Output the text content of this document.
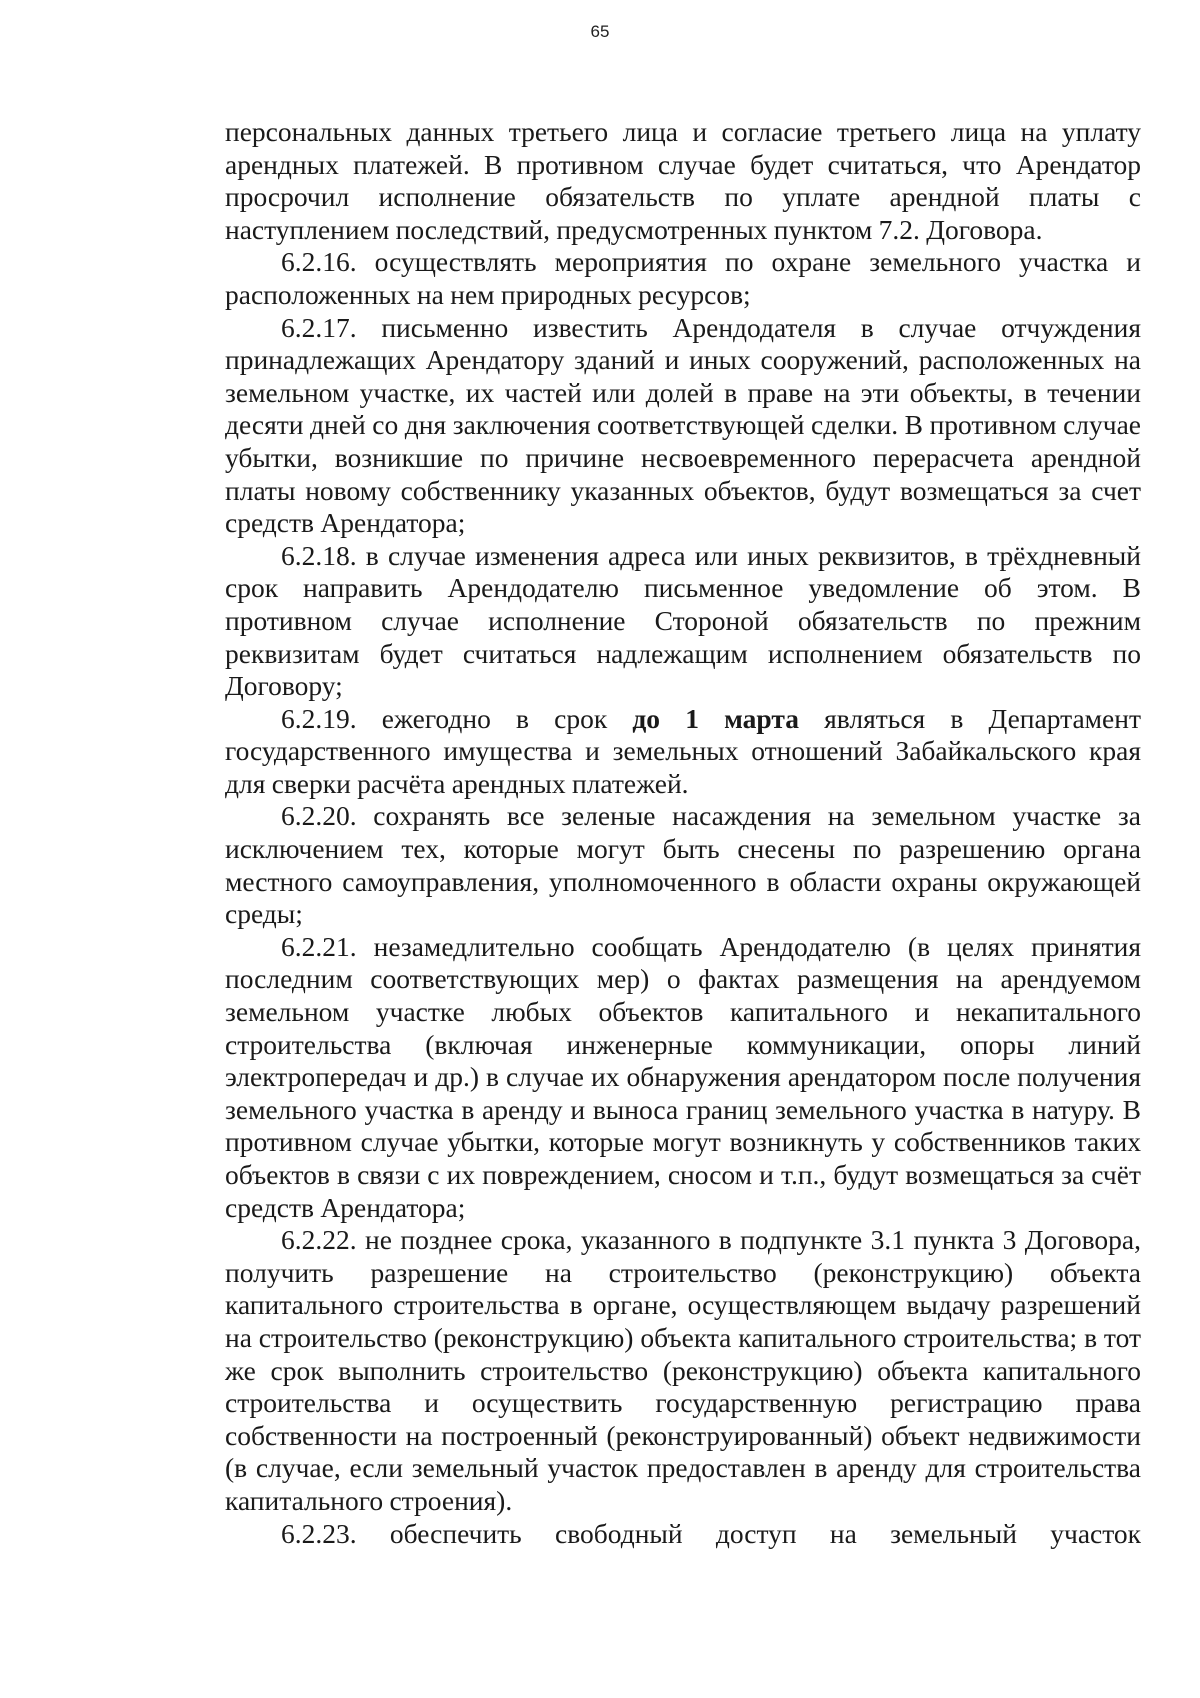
65

персональных данных третьего лица и согласие третьего лица на уплату арендных платежей. В противном случае будет считаться, что Арендатор просрочил исполнение обязательств по уплате арендной платы с наступлением последствий, предусмотренных пунктом 7.2. Договора.

6.2.16. осуществлять мероприятия по охране земельного участка и расположенных на нем природных ресурсов;

6.2.17. письменно известить Арендодателя в случае отчуждения принадлежащих Арендатору зданий и иных сооружений, расположенных на земельном участке, их частей или долей в праве на эти объекты, в течении десяти дней со дня заключения соответствующей сделки. В противном случае убытки, возникшие по причине несвоевременного перерасчета арендной платы новому собственнику указанных объектов, будут возмещаться за счет средств Арендатора;

6.2.18. в случае изменения адреса или иных реквизитов, в трёхдневный срок направить Арендодателю письменное уведомление об этом. В противном случае исполнение Стороной обязательств по прежним реквизитам будет считаться надлежащим исполнением обязательств по Договору;

6.2.19. ежегодно в срок до 1 марта являться в Департамент государственного имущества и земельных отношений Забайкальского края для сверки расчёта арендных платежей.

6.2.20. сохранять все зеленые насаждения на земельном участке за исключением тех, которые могут быть снесены по разрешению органа местного самоуправления, уполномоченного в области охраны окружающей среды;

6.2.21. незамедлительно сообщать Арендодателю (в целях принятия последним соответствующих мер) о фактах размещения на арендуемом земельном участке любых объектов капитального и некапитального строительства (включая инженерные коммуникации, опоры линий электропередач и др.) в случае их обнаружения арендатором после получения земельного участка в аренду и выноса границ земельного участка в натуру. В противном случае убытки, которые могут возникнуть у собственников таких объектов в связи с их повреждением, сносом и т.п., будут возмещаться за счёт средств Арендатора;

6.2.22. не позднее срока, указанного в подпункте 3.1 пункта 3 Договора, получить разрешение на строительство (реконструкцию) объекта капитального строительства в органе, осуществляющем выдачу разрешений на строительство (реконструкцию) объекта капитального строительства; в тот же срок выполнить строительство (реконструкцию) объекта капитального строительства и осуществить государственную регистрацию права собственности на построенный (реконструированный) объект недвижимости (в случае, если земельный участок предоставлен в аренду для строительства капитального строения).

6.2.23. обеспечить свободный доступ на земельный участок
